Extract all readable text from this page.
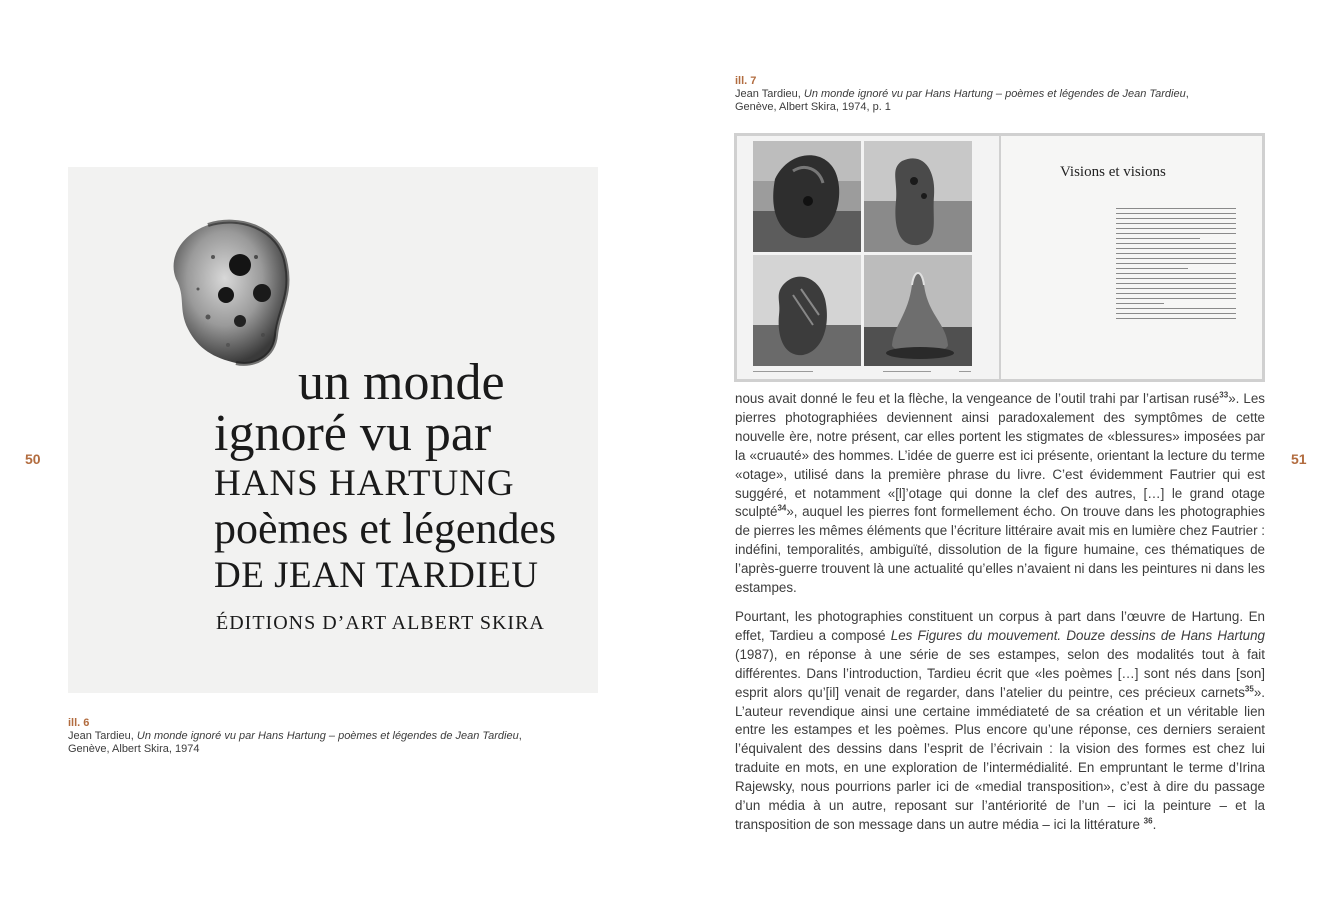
50	51
un monde
ignoré vu par
HANS HARTUNG
poèmes et légendes
DE JEAN TARDIEU
ÉDITIONS D’ART ALBERT SKIRA
ill. 6
Jean Tardieu, Un monde ignoré vu par Hans Hartung – poèmes et légendes de Jean Tardieu, Genève, Albert Skira, 1974
ill. 7
Jean Tardieu, Un monde ignoré vu par Hans Hartung – poèmes et légendes de Jean Tardieu, Genève, Albert Skira, 1974, p. 1
Visions et visions

nous avait donné le feu et la flèche, la vengeance de l’outil trahi par l’artisan rusé$^{33}$». Les pierres photographiées deviennent ainsi paradoxalement des symptômes de cette nouvelle ère, notre présent, car elles portent les stigmates de «blessures» imposées par la «cruauté» des hommes. L’idée de guerre est ici présente, orientant la lecture du terme «otage», utilisé dans la première phrase du livre. C’est évidemment Fautrier qui est suggéré, et notamment «[l]’otage qui donne la clef des autres, […] le grand otage sculpté$^{34}$», auquel les pierres font formellement écho. On trouve dans les photographies de pierres les mêmes éléments que l’écriture littéraire avait mis en lumière chez Fautrier : indéfini, temporalités, ambiguïté, dissolution de la figure humaine, ces thématiques de l’après-guerre trouvent là une actualité qu’elles n’avaient ni dans les peintures ni dans les estampes.

Pourtant, les photographies constituent un corpus à part dans l’œuvre de Hartung. En effet, Tardieu a composé Les Figures du mouvement. Douze dessins de Hans Hartung (1987), en réponse à une série de ses estampes, selon des modalités tout à fait différentes. Dans l’introduction, Tardieu écrit que «les poèmes […] sont nés dans [son] esprit alors qu’[il] venait de regarder, dans l’atelier du peintre, ces précieux carnets$^{35}$». L’auteur revendique ainsi une certaine immédiateté de sa création et un véritable lien entre les estampes et les poèmes. Plus encore qu’une réponse, ces derniers seraient l’équivalent des dessins dans l’esprit de l’écrivain : la vision des formes est chez lui traduite en mots, en une exploration de l’intermédialité. En empruntant le terme d’Irina Rajewsky, nous pourrions parler ici de «medial transposition», c’est à dire du passage d’un média à un autre, reposant sur l’antériorité de l’un – ici la peinture – et la transposition de son message dans un autre média – ici la littérature $^{36}$.
